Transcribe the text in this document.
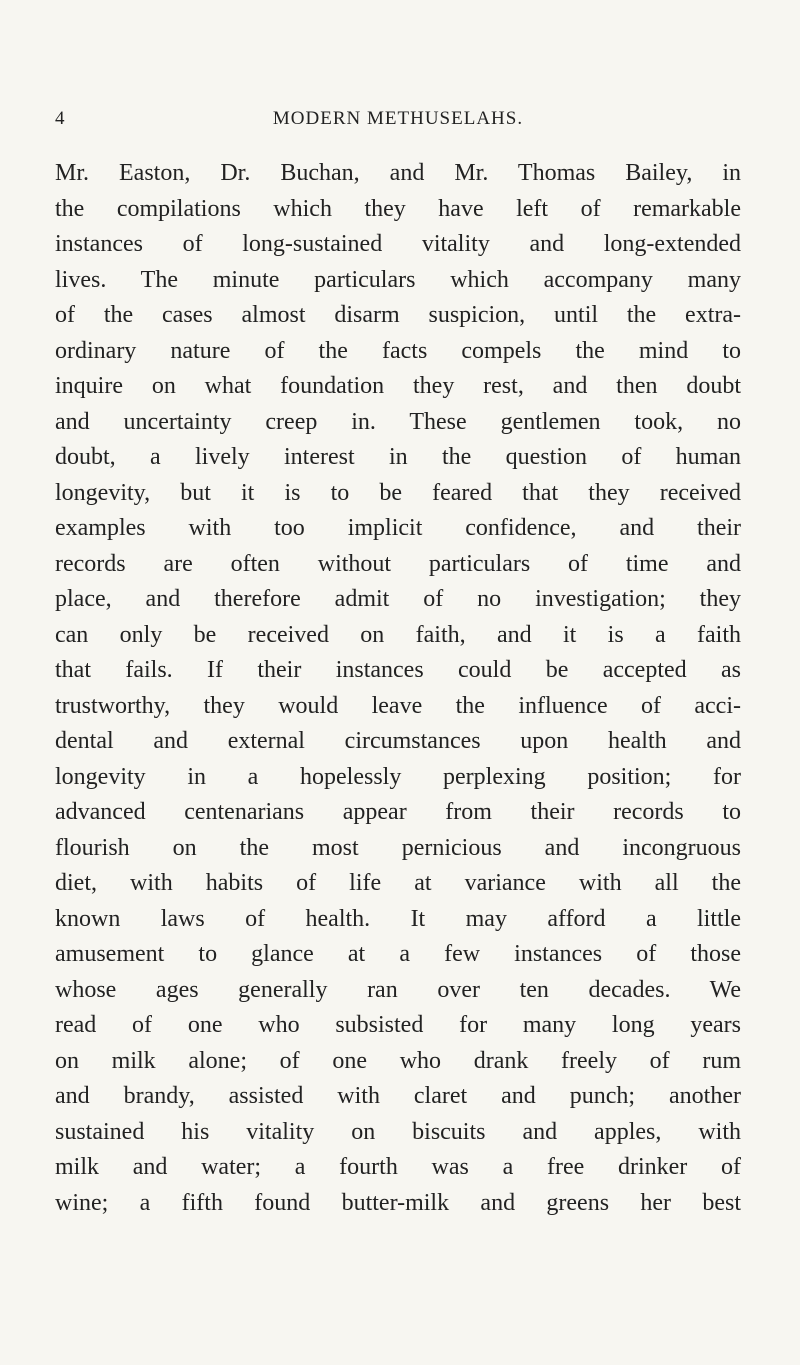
4	MODERN METHUSELAHS.
Mr. Easton, Dr. Buchan, and Mr. Thomas Bailey, in
the compilations which they have left of remarkable
instances of long-sustained vitality and long-extended
lives. The minute particulars which accompany many
of the cases almost disarm suspicion, until the extra-
ordinary nature of the facts compels the mind to
inquire on what foundation they rest, and then doubt
and uncertainty creep in. These gentlemen took, no
doubt, a lively interest in the question of human
longevity, but it is to be feared that they received
examples with too implicit confidence, and their
records are often without particulars of time and
place, and therefore admit of no investigation; they
can only be received on faith, and it is a faith
that fails. If their instances could be accepted as
trustworthy, they would leave the influence of acci-
dental and external circumstances upon health and
longevity in a hopelessly perplexing position; for
advanced centenarians appear from their records to
flourish on the most pernicious and incongruous
diet, with habits of life at variance with all the
known laws of health. It may afford a little
amusement to glance at a few instances of those
whose ages generally ran over ten decades. We
read of one who subsisted for many long years
on milk alone; of one who drank freely of rum
and brandy, assisted with claret and punch; another
sustained his vitality on biscuits and apples, with
milk and water; a fourth was a free drinker of
wine; a fifth found butter-milk and greens her best
